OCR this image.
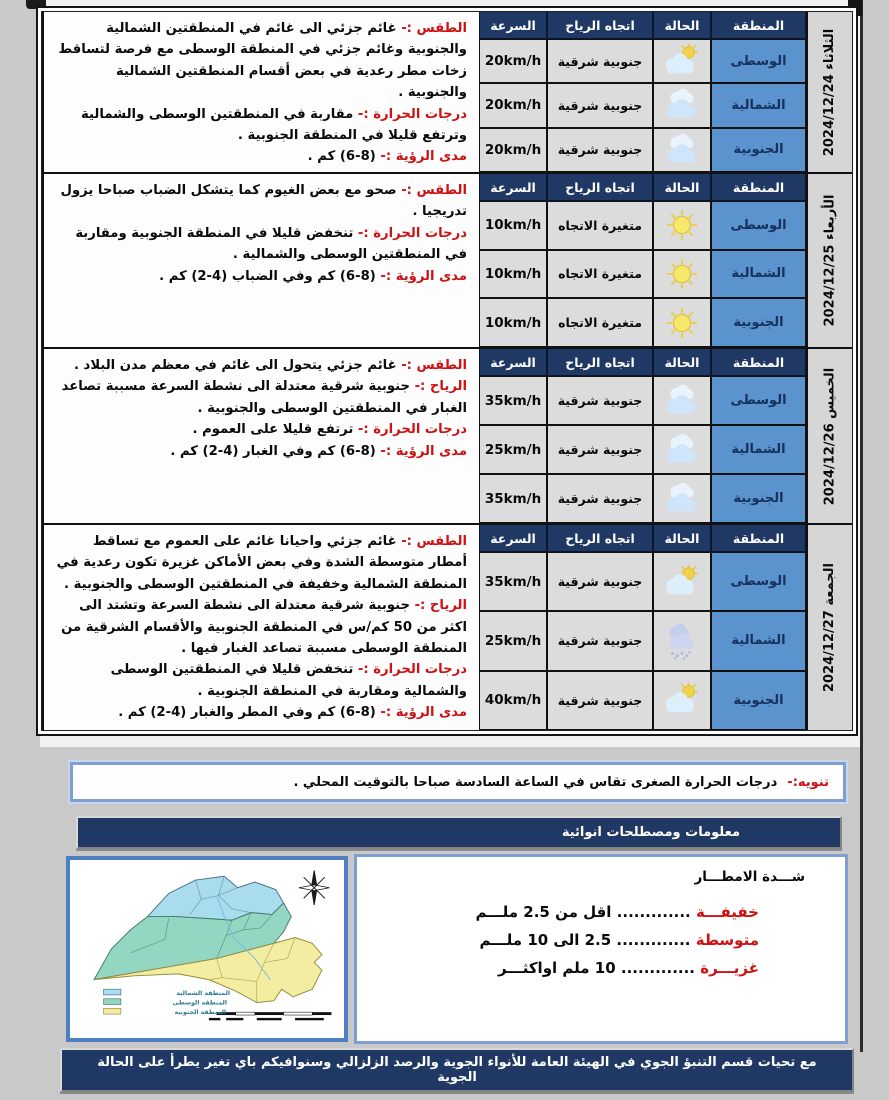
الثلاثاء 2024/12/24
المنطقة
الحالة
اتجاه الرياح
السرعة
الوسطى
جنوبية شرقية
20km/h
الشمالية
جنوبية شرقية
20km/h
الجنوبية
جنوبية شرقية
20km/h
الطقس :- غائم جزئي الى غائم في المنطقتين الشمالية والجنوبية وغائم جزئي في المنطقة الوسطى مع فرصة لتساقط زخات مطر رعدية في بعض أقسام المنطقتين الشمالية والجنوبية .
درجات الحرارة :- مقاربة في المنطقتين الوسطى والشمالية وترتفع قليلا في المنطقة الجنوبية .
مدى الرؤية :- (8-6) كم .
الأربعاء 2024/12/25
المنطقة
الحالة
اتجاه الرياح
السرعة
الوسطى
متغيرة الاتجاه
10km/h
الشمالية
متغيرة الاتجاه
10km/h
الجنوبية
متغيرة الاتجاه
10km/h
الطقس :- صحو مع بعض الغيوم كما يتشكل الضباب صباحا يزول تدريجيا .
درجات الحرارة :- تنخفض قليلا في المنطقة الجنوبية ومقاربة في المنطقتين الوسطى والشمالية .
مدى الرؤية :- (8-6) كم وفي الضباب (4-2) كم .
الخميس 2024/12/26
المنطقة
الحالة
اتجاه الرياح
السرعة
الوسطى
جنوبية شرقية
35km/h
الشمالية
جنوبية شرقية
25km/h
الجنوبية
جنوبية شرقية
35km/h
الطقس :- غائم جزئي يتحول الى غائم في معظم مدن البلاد .
الرياح :- جنوبية شرقية معتدلة الى نشطة السرعة مسببة تصاعد الغبار في المنطقتين الوسطى والجنوبية .
درجات الحرارة :- ترتفع قليلا على العموم .
مدى الرؤية :- (8-6) كم وفي الغبار (4-2) كم .
الجمعة 2024/12/27
المنطقة
الحالة
اتجاه الرياح
السرعة
الوسطى
جنوبية شرقية
35km/h
الشمالية
جنوبية شرقية
25km/h
الجنوبية
جنوبية شرقية
40km/h
الطقس :- غائم جزئي واحيانا غائم على العموم مع تساقط أمطار متوسطة الشدة وفي بعض الأماكن غزيرة تكون رعدية في المنطقة الشمالية وخفيفة في المنطقتين الوسطى والجنوبية .
الرياح :- جنوبية شرقية معتدلة الى نشطة السرعة وتشتد الى اكثر من 50 كم/س في المنطقة الجنوبية والأقسام الشرقية من المنطقة الوسطى مسببة تصاعد الغبار فيها .
درجات الحرارة :- تنخفض قليلا في المنطقتين الوسطى والشمالية ومقاربة في المنطقة الجنوبية .
مدى الرؤية :- (8-6) كم وفي المطر والغبار (4-2) كم .
تنويه:-
درجات الحرارة الصغرى تقاس في الساعة السادسة صباحا بالتوقيت المحلي .
معلومات ومصطلحات انوائية
المنطقة الشمالية
المنطقة الوسطى
المنطقة الجنوبية
شـــدة الامطـــار
خفيفـــة ............. اقل من 2.5 ملـــم
متوسطة ............. 2.5 الى 10 ملـــم
غزيـــرة ............. 10 ملم اواكثـــر
مع تحيات قسم التنبؤ الجوي في الهيئة العامة للأنواء الجوية والرصد الزلزالي وسنوافيكم باي تغير يطرأ على الحالة الجوية
